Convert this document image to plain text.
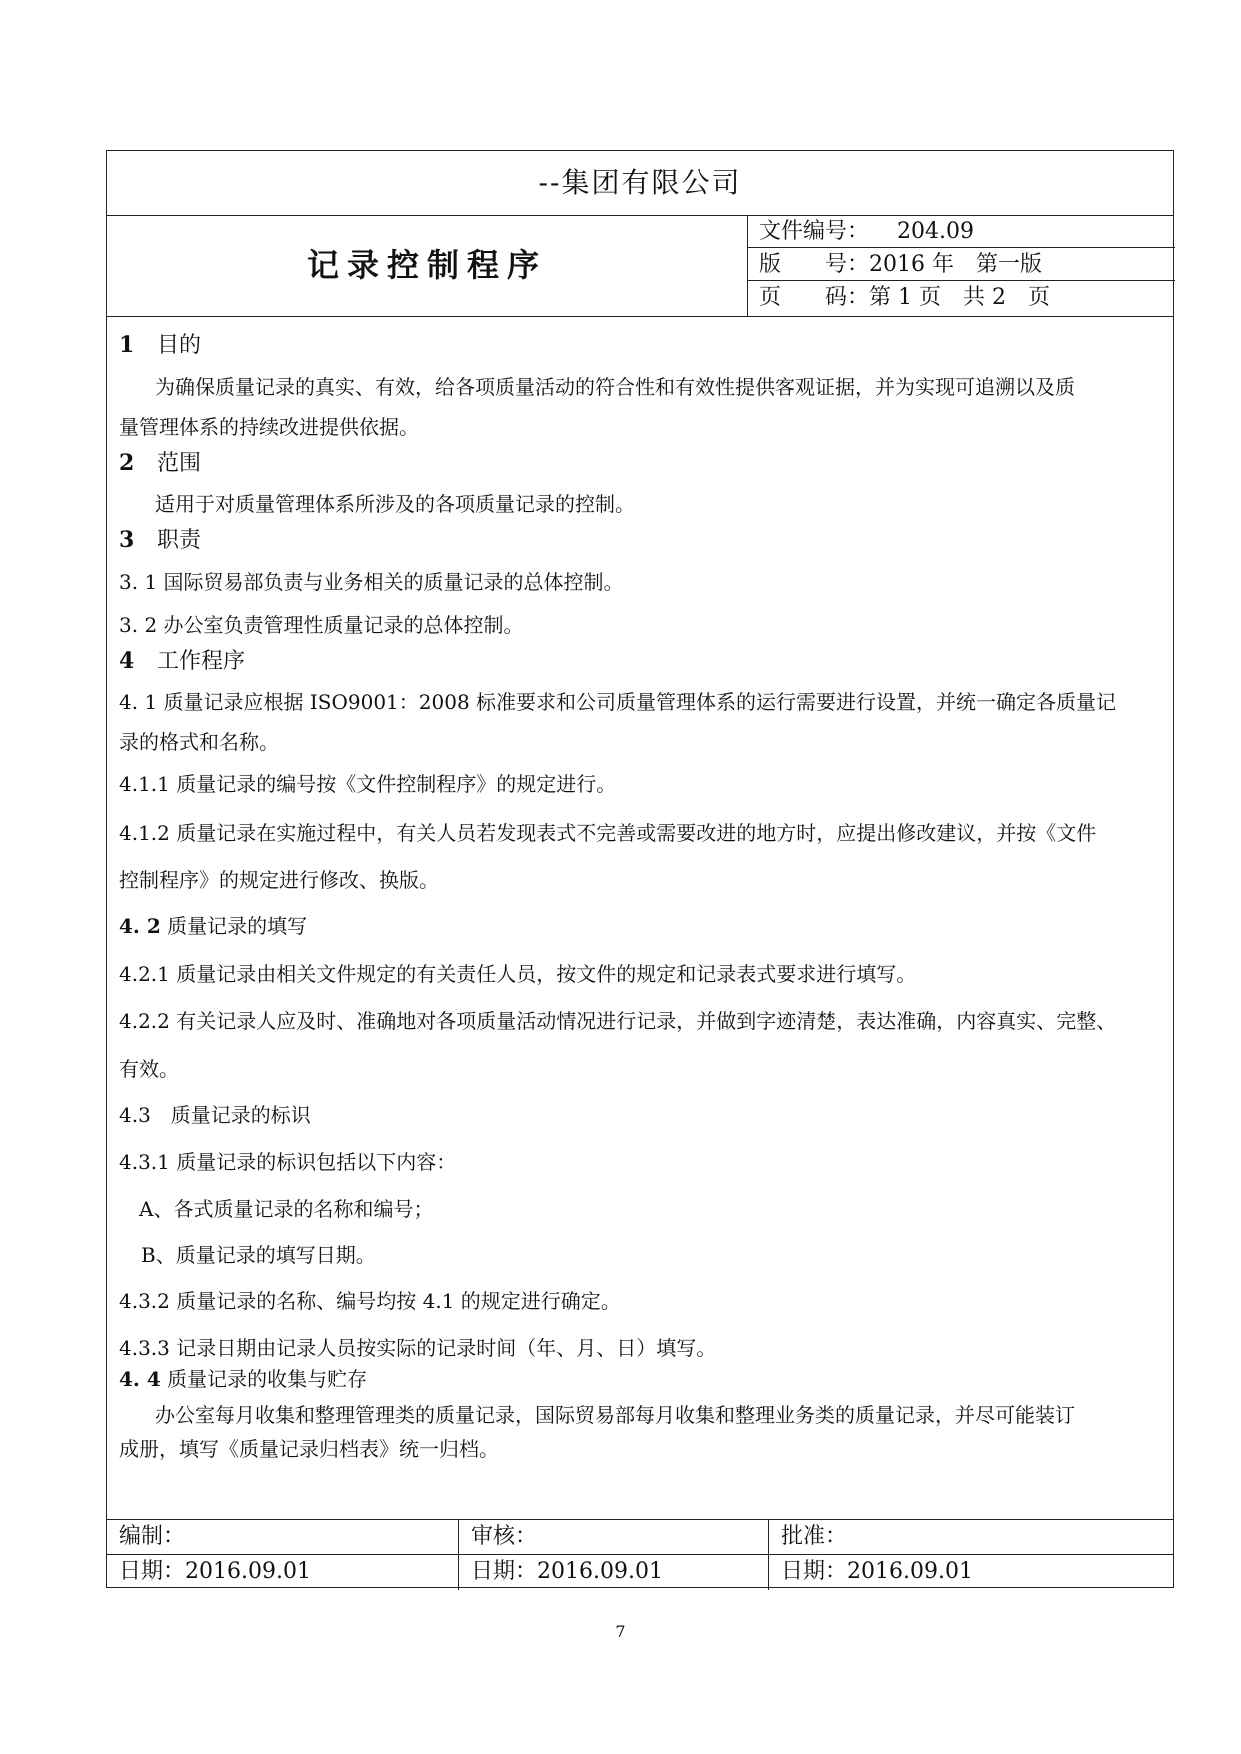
--集团有限公司
记录控制程序
文件编号： 204.09
版　　号：2016 年　第一版
页　　码：第 1 页　共 2　页
1 目的
为确保质量记录的真实、有效，给各项质量活动的符合性和有效性提供客观证据，并为实现可追溯以及质
量管理体系的持续改进提供依据。
2 范围
适用于对质量管理体系所涉及的各项质量记录的控制。
3 职责
3. 1 国际贸易部负责与业务相关的质量记录的总体控制。
3. 2 办公室负责管理性质量记录的总体控制。
4 工作程序
4. 1 质量记录应根据 ISO9001：2008 标准要求和公司质量管理体系的运行需要进行设置，并统一确定各质量记
录的格式和名称。
4.1.1 质量记录的编号按《文件控制程序》的规定进行。
4.1.2 质量记录在实施过程中，有关人员若发现表式不完善或需要改进的地方时，应提出修改建议，并按《文件
控制程序》的规定进行修改、换版。
4. 2 质量记录的填写
4.2.1 质量记录由相关文件规定的有关责任人员，按文件的规定和记录表式要求进行填写。
4.2.2 有关记录人应及时、准确地对各项质量活动情况进行记录，并做到字迹清楚，表达准确，内容真实、完整、
有效。
4.3　质量记录的标识
4.3.1 质量记录的标识包括以下内容：
A、各式质量记录的名称和编号；
B、质量记录的填写日期。
4.3.2 质量记录的名称、编号均按 4.1 的规定进行确定。
4.3.3 记录日期由记录人员按实际的记录时间（年、月、日）填写。
4. 4 质量记录的收集与贮存
办公室每月收集和整理管理类的质量记录，国际贸易部每月收集和整理业务类的质量记录，并尽可能装订
成册，填写《质量记录归档表》统一归档。
编制：
日期：2016.09.01
审核：
日期：2016.09.01
批准：
日期：2016.09.01
7
